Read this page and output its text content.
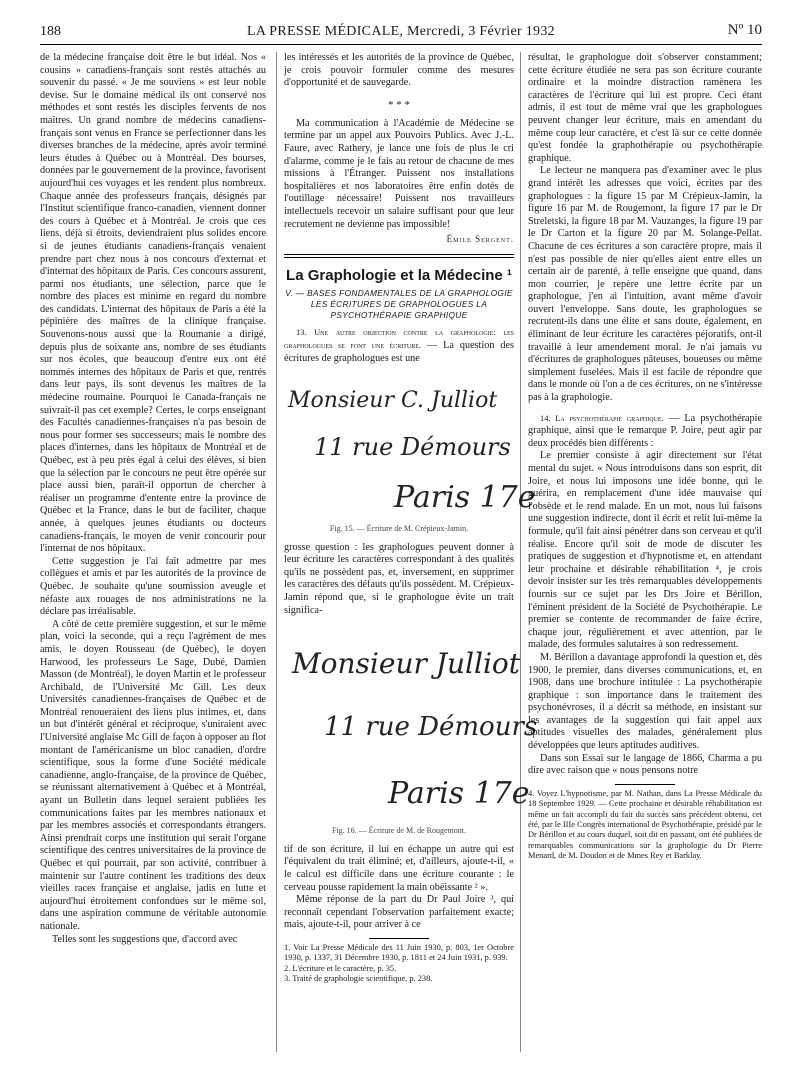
188	LA PRESSE MÉDICALE, Mercredi, 3 Février 1932	Nº 10

de la médecine française doit être le but idéal. Nos « cousins » canadiens-français sont restés attachés au souvenir du passé. « Je me souviens » est leur noble devise. Sur le domaine médical ils ont conservé nos méthodes et sont restés les disciples fervents de nos maîtres. Un grand nombre de médecins canadiens-français sont venus en France se perfectionner dans les diverses branches de la médecine, après avoir terminé leurs études à Québec ou à Montréal. Des bourses, données par le gouvernement de la province, favorisent aujourd'hui ces voyages et les rendent plus nombreux. Chaque année des professeurs français, désignés par l'Institut scientifique franco-canadien, viennent donner des cours à Québec et à Montréal. Je crois que ces liens, déjà si étroits, deviendraient plus solides encore si de jeunes étudiants canadiens-français venaient prendre part chez nous à nos concours d'externat et d'internat des hôpitaux de Paris. Ces concours assurent, parmi nos étudiants, une sélection, parce que le nombre des places est minime en regard du nombre des candidats. L'internat des hôpitaux de Paris a été la pépinière des maîtres de la clinique française. Souvenons-nous aussi que la Roumanie a dirigé, depuis plus de soixante ans, nombre de ses étudiants sur nos écoles, que beaucoup d'entre eux ont été nommés internes des hôpitaux de Paris et que, rentrés dans leur pays, ils sont devenus les maîtres de la médecine roumaine. Pourquoi le Canada-français ne suivrait-il pas cet exemple? Certes, le corps enseignant des Facultés canadiennes-françaises n'a pas besoin de nous pour former ses successeurs; mais le nombre des places d'internes, dans les hôpitaux de Montréal et de Québec, est à peu près égal à celui des élèves, si bien que la sélection par le concours ne peut être opérée sur place aussi bien, paraît-il opportun de chercher à réaliser un programme d'entente entre la province de Québec et la France, dans le but de faciliter, chaque année, à quelques jeunes étudiants ou docteurs canadiens-français, le moyen de venir concourir pour l'internat de nos hôpitaux.

Cette suggestion je l'ai fait admettre par mes collègues et amis et par les autorités de la province de Québec. Je souhaite qu'une soumission aveugle et néfaste aux rouages de nos administrations ne la déclare pas irréalisable.

A côté de cette première suggestion, et sur le même plan, voici la seconde, qui a reçu l'agrément de mes amis, le doyen Rousseau (de Québec), le doyen Harwood, les professeurs Le Sage, Dubé, Damien Masson (de Montréal), le doyen Martin et le professeur Archibald, de l'Université Mc Gill. Les deux Universités canadiennes-françaises de Québec et de Montréal renoueraient des liens plus intimes, et, dans un but d'intérêt général et réciproque, s'uniraient avec l'Université anglaise Mc Gill de façon à opposer au flot montant de l'américanisme un bloc canadien, d'ordre scientifique, sous la forme d'une Société médicale canadienne, anglo-française, de la province de Québec, se réunissant alternativement à Québec et à Montréal, ayant un Bulletin dans lequel seraient publiées les communications faites par les membres nationaux et par les membres associés et correspondants étrangers. Ainsi prendrait corps une institution qui serait l'organe scientifique des centres universitaires de la province de Québec et qui pourrait, par son activité, contribuer à maintenir sur l'autre continent les traditions des deux vieilles races française et anglaise, jadis en lutte et aujourd'hui étroitement confondues sur le même sol, dans une aspiration commune de véritable autonomie nationale.

Telles sont les suggestions que, d'accord avec

les intéressés et les autorités de la province de Québec, je crois pouvoir formuler comme des mesures d'opportunité et de sauvegarde.

* * *

Ma communication à l'Académie de Médecine se termine par un appel aux Pouvoirs Publics. Avec J.-L. Faure, avec Rathery, je lance une fois de plus le cri d'alarme, comme je le fais au retour de chacune de mes missions à l'Étranger. Puissent nos installations hospitalières et nos laboratoires être enfin dotés de l'outillage nécessaire! Puissent nos travailleurs intellectuels recevoir un salaire suffisant pour que leur recrutement ne devienne pas impossible!

Émile Sergent.
La Graphologie et la Médecine ¹
V. — BASES FONDAMENTALES DE LA GRAPHOLOGIE LES ÉCRITURES DE GRAPHOLOGUES LA PSYCHOTHÉRAPIE GRAPHIQUE

13. Une autre objection contre la graphologie: les graphologues se font une écriture. — La question des écritures de graphologues est une

Monsieur C. Julliot
11 rue Démours
Paris 17e
Fig. 15. — Écriture de M. Crépieux-Jamin.

grosse question : les graphologues peuvent donner à leur écriture les caractères correspondant à des qualités qu'ils ne possèdent pas, et, inversement, en supprimer les caractères des défauts qu'ils possèdent. M. Crépieux-Jamin répond que, si le graphologue évite un trait significa-

Monsieur Julliot
11 rue Démours
Paris 17e
Fig. 16. — Écriture de M. de Rougemont.

tif de son écriture, il lui en échappe un autre qui est l'équivalent du trait éliminé; et, d'ailleurs, ajoute-t-il, « le calcul est difficile dans une écriture courante : le cerveau pousse rapidement la main obéissante ² ».

Même réponse de la part du Dr Paul Joire ³, qui reconnaît cependant l'observation parfaitement exacte; mais, ajoute-t-il, pour arriver à ce

1. Voir La Presse Médicale des 11 Juin 1930, p. 803, 1er Octobre 1930, p. 1337, 31 Décembre 1930, p. 1811 et 24 Juin 1931, p. 939.
2. L'écriture et le caractère, p. 35.
3. Traité de graphologie scientifique, p. 238.

résultat, le graphologue doit s'observer constamment; cette écriture étudiée ne sera pas son écriture courante ordinaire et la moindre distraction ramènera les caractères de l'écriture qui lui est propre. Ceci étant admis, il est tout de même vrai que les graphologues peuvent changer leur écriture, mais en amendant du même coup leur caractère, et c'est là sur ce cette donnée qu'est fondée la graphothérapie ou psychothérapie graphique.

Le lecteur ne manquera pas d'examiner avec le plus grand intérêt les adresses que voici, écrites par des graphologues : la figure 15 par M Crépieux-Jamin, la figure 16 par M. de Rougemont, la figure 17 par le Dr Streletski, la figure 18 par M. Vauzanges, la figure 19 par le Dr Carton et la figure 20 par M. Solange-Pellat. Chacune de ces écritures a son caractère propre, mais il n'est pas possible de nier qu'elles aient entre elles un certain air de parenté, à telle enseigne que quand, dans mon courrier, je repère une lettre écrite par un graphologue, j'en ai l'intuition, avant même d'avoir ouvert l'enveloppe. Sans doute, les graphologues se recrutent-ils dans une élite et sans doute, également, en éliminant de leur écriture les caractères péjoratifs, ont-il travaillé à leur amendement moral. Je n'ai jamais vu d'écritures de graphologues pâteuses, boueuses ou même simplement fuselées. Mais il est facile de répondre que dans le monde où l'on a de ces écritures, on ne s'intéresse pas à la graphologie.

14. La psychothérapie graphique. — La psychothérapie graphique, ainsi que le remarque P. Joire, peut agir par deux procédés bien différents :

Le premier consiste à agir directement sur l'état mental du sujet. « Nous introduisons dans son esprit, dit Joire, et nous lui imposons une idée bonne, qui le guérira, en remplacement d'une idée mauvaise qui l'obsède et le rend malade. En un mot, nous lui faisons une suggestion indirecte, dont il écrit et relit lui-même la formule, qu'il fait ainsi pénétrer dans son cerveau et qu'il réalise. Encore qu'il soit de mode de discuter les pratiques de suggestion et d'hypnotisme et, en attendant leur prochaine et désirable réhabilitation ⁴, je crois devoir insister sur les très remarquables développements fournis sur ce sujet par les Drs Joire et Bérillon, l'éminent président de la Société de Psychothérapie. Le premier se contente de recommander de faire écrire, chaque jour, régulièrement et avec attention, par le malade, des formules salutaires à son redressement.

M. Bérillon a davantage approfondi la question et, dès 1900, le premier, dans diverses communications, et, en 1908, dans une brochure intitulée : La psychothérapie graphique : son importance dans le traitement des psychonévroses, il a décrit sa méthode, en insistant sur les avantages de la suggestion qui fait appel aux aptitudes visuelles des malades, généralement plus développées que leurs aptitudes auditives.

Dans son Essai sur le langage de 1866, Charma a pu dire avec raison que « nous pensons notre

4. Voyez L'hypnotisme, par M. Nathan, dans La Presse Médicale du 18 Septembre 1929. — Cette prochaine et désirable réhabilitation est même un fait accompli du fait du succès sans précédent obtenu, cet été, par le IIIe Congrès international de Psychothérapie, présidé par le Dr Bérillon et au cours duquel, soit dit en passant, ont été publiées de remarquables communications sur la graphologie du Dr Pierre Menard, de M. Doudon et de Mmes Rey et Barklay.
